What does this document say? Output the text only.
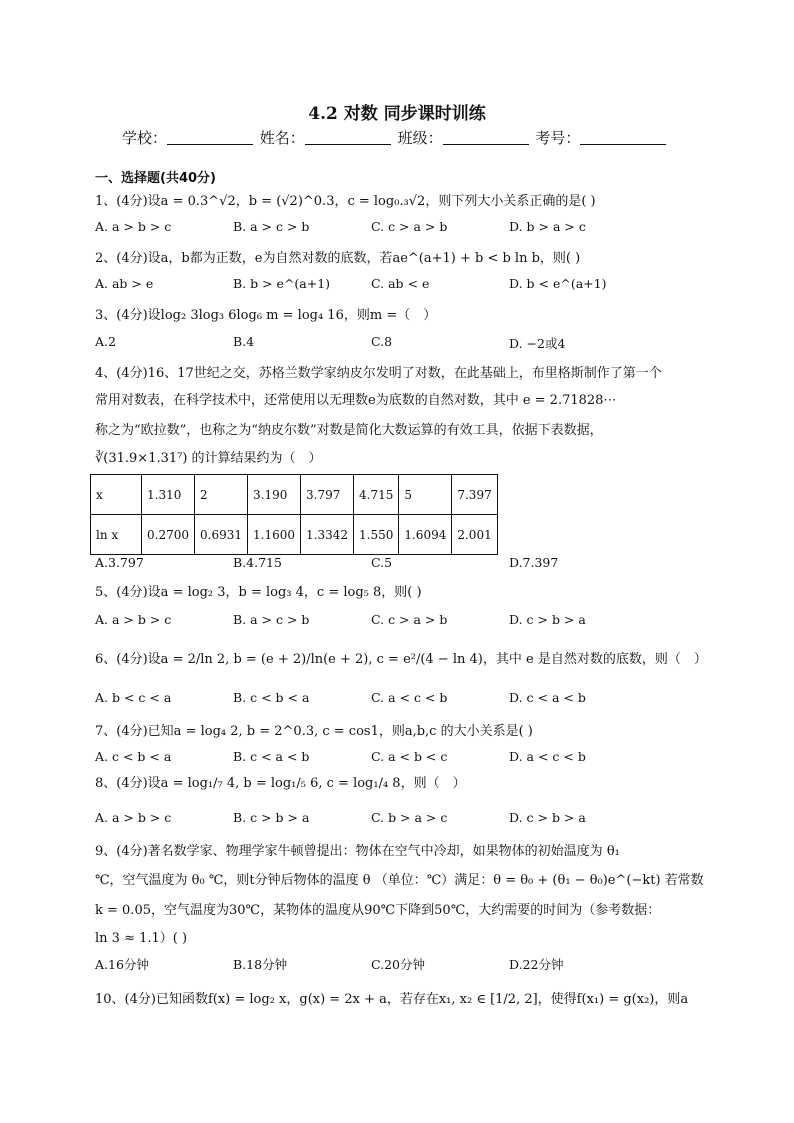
4.2 对数 同步课时训练
学校：	姓名：	班级：	考号：
一、选择题(共40分)
1、(4分)设a = 0.3^√2，b = (√2)^0.3，c = log₀.₃√2，则下列大小关系正确的是( )
A. a > b > c	B. a > c > b	C. c > a > b	D. b > a > c
2、(4分)设a，b都为正数，e为自然对数的底数，若ae^(a+1) + b < b ln b，则( )
A. ab > e	B. b > e^(a+1)	C. ab < e	D. b < e^(a+1)
3、(4分)设log₂ 3log₃ 6log₆ m = log₄ 16，则m =（　）
A.2	B.4	C.8	D. −2或4
4、(4分)16、17世纪之交，苏格兰数学家纳皮尔发明了对数，在此基础上，布里格斯制作了第一个
常用对数表，在科学技术中，还常使用以无理数e为底数的自然对数，其中 e = 2.71828⋯
称之为“欧拉数”，也称之为“纳皮尔数”对数是简化大数运算的有效工具，依据下表数据，
∛(31.9×1.31⁷) 的计算结果约为（　）
x	1.310	2	3.190	3.797	4.715	5	7.397
ln x	0.2700	0.6931	1.1600	1.3342	1.550	1.6094	2.001
A.3.797	B.4.715	C.5	D.7.397
5、(4分)设a = log₂ 3，b = log₃ 4，c = log₅ 8，则( )
A. a > b > c	B. a > c > b	C. c > a > b	D. c > b > a
6、(4分)设a = 2/ln 2, b = (e + 2)/ln(e + 2), c = e²/(4 − ln 4)，其中 e 是自然对数的底数，则（　）
A. b < c < a	B. c < b < a	C. a < c < b	D. c < a < b
7、(4分)已知a = log₄ 2, b = 2^0.3, c = cos1，则a,b,c 的大小关系是( )
A. c < b < a	B. c < a < b	C. a < b < c	D. a < c < b
8、(4分)设a = log₁/₇ 4, b = log₁/₅ 6, c = log₁/₄ 8，则（　）
A. a > b > c	B. c > b > a	C. b > a > c	D. c > b > a
9、(4分)著名数学家、物理学家牛顿曾提出：物体在空气中冷却，如果物体的初始温度为 θ₁
℃，空气温度为 θ₀ ℃，则t分钟后物体的温度 θ （单位：℃）满足：θ = θ₀ + (θ₁ − θ₀)e^(−kt) 若常数
k = 0.05，空气温度为30℃，某物体的温度从90℃下降到50℃，大约需要的时间为（参考数据：
ln 3 ≈ 1.1）( )
A.16分钟	B.18分钟	C.20分钟	D.22分钟
10、(4分)已知函数f(x) = log₂ x，g(x) = 2x + a，若存在x₁, x₂ ∈ [1/2, 2]，使得f(x₁) = g(x₂)，则a
